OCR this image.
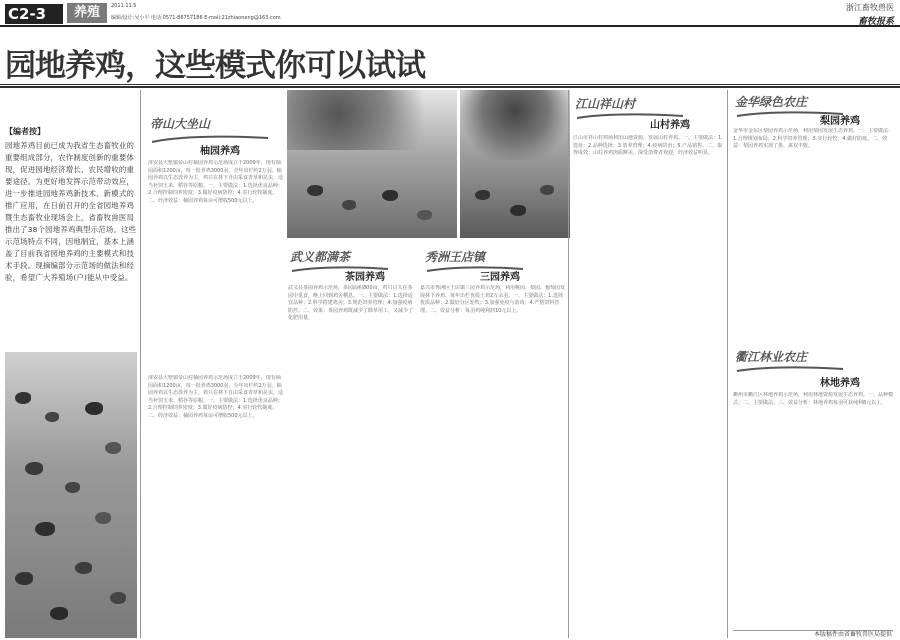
C2-3	养殖	2011.11.5
编辑/设计:吴小平 电话:0571-86757186 E-mail:21zhiaoneng@163.com
浙江畜牧兽医
畜牧报系
园地养鸡，这些模式你可以试试
【编者按】
园地养鸡目前已成为我省生态畜牧业的重要组成部分，农作制度创新的重要体现，促进园地经济增长、农民增收的重要途径。为更好地发挥示范带动效应，进一步推进园地养鸡新技术、新模式的推广应用，在日前召开的全省园地养鸡暨生态畜牧业现场会上，省畜牧兽医局推出了38个园地养鸡典型示范场。这些示范场特点不同，因地制宜，基本上涵盖了目前我省园地养鸡的主要模式和技术手段。现摘编部分示范场的做法和经验，希望广大养殖场(户)能从中受益。
帝山大坐山
柚园养鸡
淳安县大墅镇帝山村柚园养鸡示范场成立于2009年，现有柚园面积1200亩，每一批养鸡3000羽，全年出栏约2万羽。柚园养鸡以生态放养为主，鸡只在林下自由采食青草和昆虫，适当补饲玉米、稻谷等原粮。一、主要做法：1.选择优良品种；2.合理控制饲养密度；3.做好疫病防控；4.实行轮牧制度。二、经济效益：柚园养鸡每亩可增收500元以上。
淳安县大墅镇帝山村柚园养鸡示范场成立于2009年，现有柚园面积1200亩，每一批养鸡3000羽，全年出栏约2万羽。柚园养鸡以生态放养为主，鸡只在林下自由采食青草和昆虫，适当补饲玉米、稻谷等原粮。一、主要做法：1.选择优良品种；2.合理控制饲养密度；3.做好疫病防控；4.实行轮牧制度。二、经济效益：柚园养鸡每亩可增收500元以上。
武义都满茶
茶园养鸡
武义县茶园养鸡示范场，茶园面积800亩，鸡只白天在茶园中觅食，晚上回到鸡舍栖息。一、主要做法：1.选择适宜品种；2.科学搭建鸡舍；3.规范饲养管理；4.加强疫病防控。二、效果：茶园养鸡既减少了除草用工，又减少了化肥用量。
秀洲王店镇
三园养鸡
嘉兴市秀洲区王店镇三园养鸡示范场，利用桃园、梨园、葡萄园发展林下养鸡，每年出栏优质土鸡2万余羽。一、主要做法：1.选择优质品种；2.做好分区轮牧；3.加强免疫与消毒；4.严格饲料管理。二、效益分析：每羽鸡纯利润10元以上。
江山祥山村
山村养鸡
江山市祥山村鸡场利用山地资源，发展山村养鸡。一、主要做法：1.选址；2.品种选择；3.放养管理；4.疫病防治；5.产品销售。二、取得成效：山村养鸡肉质鲜美，深受消费者欢迎，经济效益明显。
金华绿色农庄
梨园养鸡
金华市金东区梨园养鸡示范场，利用梨园发展生态养鸡。一、主要做法：1.合理规划布局；2.科学饲养管理；3.实行轮牧；4.做好防疫。二、效益：梨园养鸡实现了果、禽双丰收。
衢江林业农庄
林地养鸡
衢州市衢江区林地养鸡示范场，利用林地资源发展生态养鸡。一、品种模式；二、主要做法；三、效益分析：林地养鸡每羽可获纯利8元以上。
本版稿件由省畜牧兽医局提供
